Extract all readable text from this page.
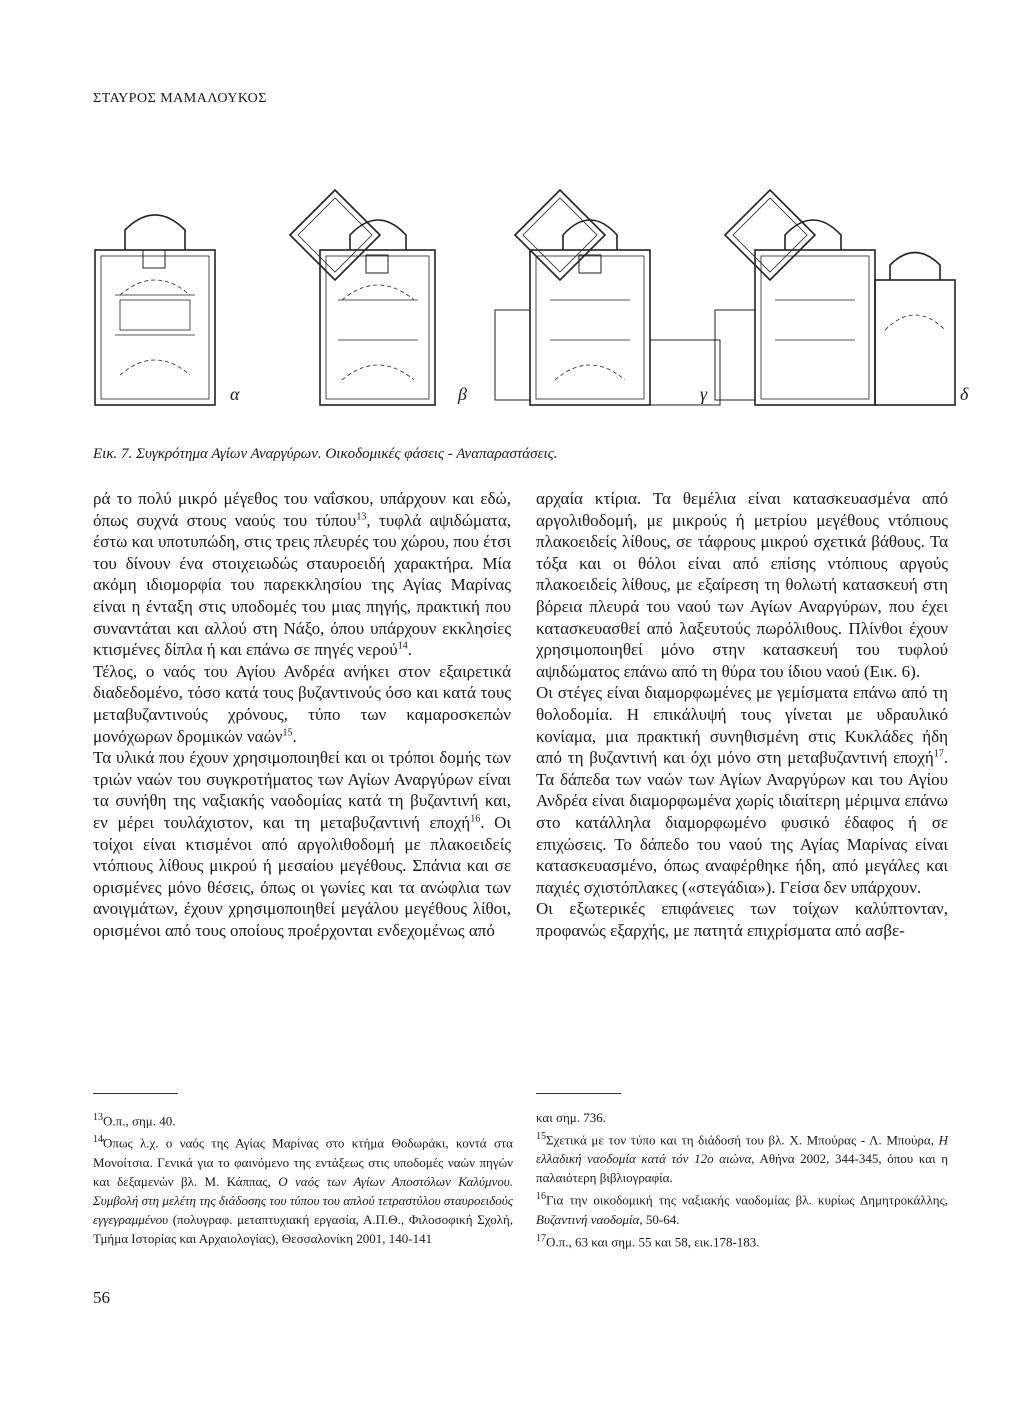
ΣΤΑΥΡΟΣ ΜΑΜΑΛΟΥΚΟΣ
α	β	γ	δ
Εικ. 7. Συγκρότημα Αγίων Αναργύρων. Οικοδομικές φάσεις - Αναπαραστάσεις.

ρά το πολύ μικρό μέγεθος του ναΐσκου, υπάρχουν και εδώ, όπως συχνά στους ναούς του τύπου$^{13}$, τυφλά αψιδώματα, έστω και υποτυπώδη, στις τρεις πλευρές του χώρου, που έτσι του δίνουν ένα στοιχειωδώς σταυροειδή χαρακτήρα. Μία ακόμη ιδιομορφία του παρεκκλησίου της Αγίας Μαρίνας είναι η ένταξη στις υποδομές του μιας πηγής, πρακτική που συναντάται και αλλού στη Νάξο, όπου υπάρχουν εκκλησίες κτισμένες δίπλα ή και επάνω σε πηγές νερού$^{14}$.

Τέλος, ο ναός του Αγίου Ανδρέα ανήκει στον εξαιρετικά διαδεδομένο, τόσο κατά τους βυζαντινούς όσο και κατά τους μεταβυζαντινούς χρόνους, τύπο των καμαροσκεπών μονόχωρων δρομικών ναών$^{15}$.

Τα υλικά που έχουν χρησιμοποιηθεί και οι τρόποι δομής των τριών ναών του συγκροτήματος των Αγίων Αναργύρων είναι τα συνήθη της ναξιακής ναοδομίας κατά τη βυζαντινή και, εν μέρει τουλάχιστον, και τη μεταβυζαντινή εποχή$^{16}$. Οι τοίχοι είναι κτισμένοι από αργολιθοδομή με πλακοειδείς ντόπιους λίθους μικρού ή μεσαίου μεγέθους. Σπάνια και σε ορισμένες μόνο θέσεις, όπως οι γωνίες και τα ανώφλια των ανοιγμάτων, έχουν χρησιμοποιηθεί μεγάλου μεγέθους λίθοι, ορισμένοι από τους οποίους προέρχονται ενδεχομένως από

αρχαία κτίρια. Τα θεμέλια είναι κατασκευασμένα από αργολιθοδομή, με μικρούς ή μετρίου μεγέθους ντόπιους πλακοειδείς λίθους, σε τάφρους μικρού σχετικά βάθους. Τα τόξα και οι θόλοι είναι από επίσης ντόπιους αργούς πλακοειδείς λίθους, με εξαίρεση τη θολωτή κατασκευή στη βόρεια πλευρά του ναού των Αγίων Αναργύρων, που έχει κατασκευασθεί από λαξευτούς πωρόλιθους. Πλίνθοι έχουν χρησιμοποιηθεί μόνο στην κατασκευή του τυφλού αψιδώματος επάνω από τη θύρα του ίδιου ναού (Εικ. 6).

Οι στέγες είναι διαμορφωμένες με γεμίσματα επάνω από τη θολοδομία. Η επικάλυψή τους γίνεται με υδραυλικό κονίαμα, μια πρακτική συνηθισμένη στις Κυκλάδες ήδη από τη βυζαντινή και όχι μόνο στη μεταβυζαντινή εποχή$^{17}$. Τα δάπεδα των ναών των Αγίων Αναργύρων και του Αγίου Ανδρέα είναι διαμορφωμένα χωρίς ιδιαίτερη μέριμνα επάνω στο κατάλληλα διαμορφωμένο φυσικό έδαφος ή σε επιχώσεις. Το δάπεδο του ναού της Αγίας Μαρίνας είναι κατασκευασμένο, όπως αναφέρθηκε ήδη, από μεγάλες και παχιές σχιστόπλακες («στεγάδια»). Γείσα δεν υπάρχουν.

Οι εξωτερικές επιφάνειες των τοίχων καλύπτονταν, προφανώς εξαρχής, με πατητά επιχρίσματα από ασβε-

$^{13}$Ο.π., σημ. 40.

$^{14}$Όπως λ.χ. ο ναός της Αγίας Μαρίνας στο κτήμα Θοδωράκι, κοντά στα Μονοίτσια. Γενικά για το φαινόμενο της εντάξεως στις υποδομές ναών πηγών και δεξαμενών βλ. Μ. Κάππας, Ο ναός των Αγίων Αποστόλων Καλύμνου. Συμβολή στη μελέτη της διάδοσης του τύπου του απλού τετραστύλου σταυροειδούς εγγεγραμμένου (πολυγραφ. μεταπτυχιακή εργασία, Α.Π.Θ., Φιλοσοφική Σχολή, Τμήμα Ιστορίας και Αρχαιολογίας), Θεσσαλονίκη 2001, 140-141

και σημ. 736.

$^{15}$Σχετικά με τον τύπο και τη διάδοσή του βλ. Χ. Μπούρας - Λ. Μπούρα, Η ελλαδική ναοδομία κατά τόν 12ο αιώνα, Αθήνα 2002, 344-345, όπου και η παλαιότερη βιβλιογραφία.

$^{16}$Για την οικοδομική της ναξιακής ναοδομίας βλ. κυρίως Δημητροκάλλης, Βυζαντινή ναοδομία, 50-64.

$^{17}$Ο.π., 63 και σημ. 55 και 58, εικ.178-183.

56
